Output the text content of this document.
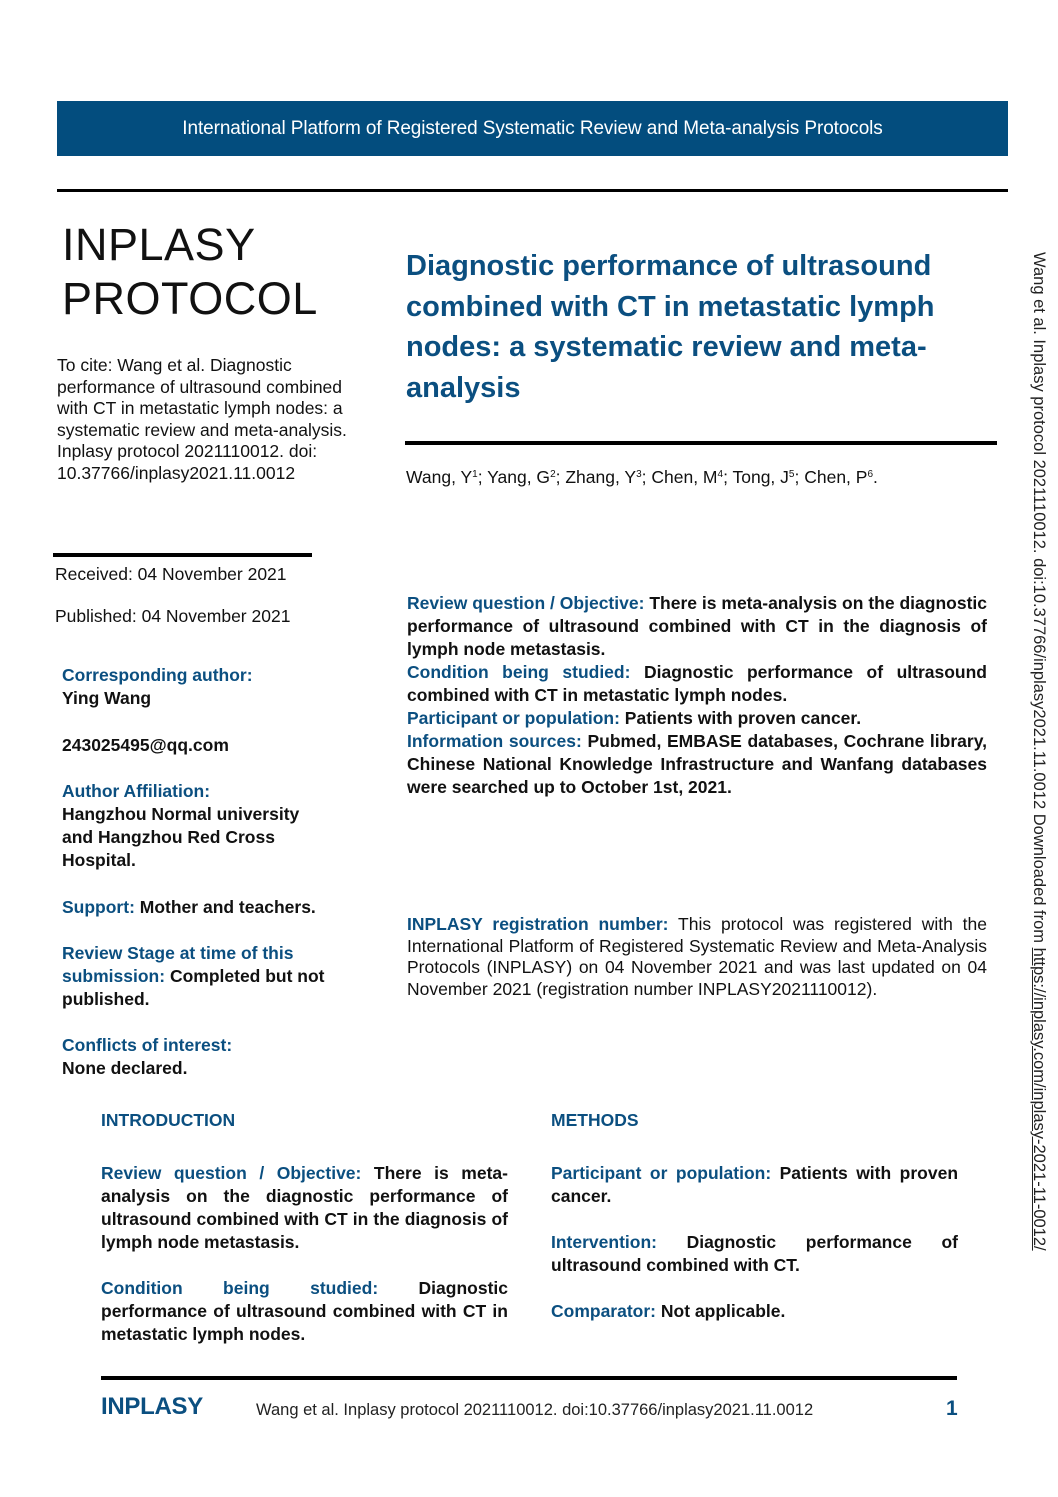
International Platform of Registered Systematic Review and Meta-analysis Protocols
INPLASY
PROTOCOL
To cite: Wang et al. Diagnostic performance of ultrasound combined with CT in metastatic lymph nodes: a systematic review and meta-analysis. Inplasy protocol 2021110012. doi: 10.37766/inplasy2021.11.0012
Received: 04 November 2021
Published: 04 November 2021
Corresponding author:
Ying Wang
243025495@qq.com
Author Affiliation:
Hangzhou Normal university and Hangzhou Red Cross Hospital.
Support: Mother and teachers.
Review Stage at time of this submission: Completed but not published.
Conflicts of interest:
None declared.
Diagnostic performance of ultrasound combined with CT in metastatic lymph nodes: a systematic review and meta-analysis
Wang, $Y^1$; Yang, $G^2$; Zhang, $Y^3$; Chen, $M^4$; Tong, $J^5$; Chen, $P^6$.

Review question / Objective: There is meta-analysis on the diagnostic performance of ultrasound combined with CT in the diagnosis of lymph node metastasis.

Condition being studied: Diagnostic performance of ultrasound combined with CT in metastatic lymph nodes.

Participant or population: Patients with proven cancer.

Information sources: Pubmed, EMBASE databases, Cochrane library, Chinese National Knowledge Infrastructure and Wanfang databases were searched up to October 1st, 2021.

INPLASY registration number: This protocol was registered with the International Platform of Registered Systematic Review and Meta-Analysis Protocols (INPLASY) on 04 November 2021 and was last updated on 04 November 2021 (registration number INPLASY2021110012).
INTRODUCTION

Review question / Objective: There is meta-analysis on the diagnostic performance of ultrasound combined with CT in the diagnosis of lymph node metastasis.

Condition being studied: Diagnostic performance of ultrasound combined with CT in metastatic lymph nodes.

METHODS

Participant or population: Patients with proven cancer.

Intervention: Diagnostic performance of ultrasound combined with CT.

Comparator: Not applicable.

INPLASY	Wang et al. Inplasy protocol 2021110012. doi:10.37766/inplasy2021.11.0012	1
Wang et al. Inplasy protocol 2021110012. doi:10.37766/inplasy2021.11.0012 Downloaded from https://inplasy.com/inplasy-2021-11-0012/
